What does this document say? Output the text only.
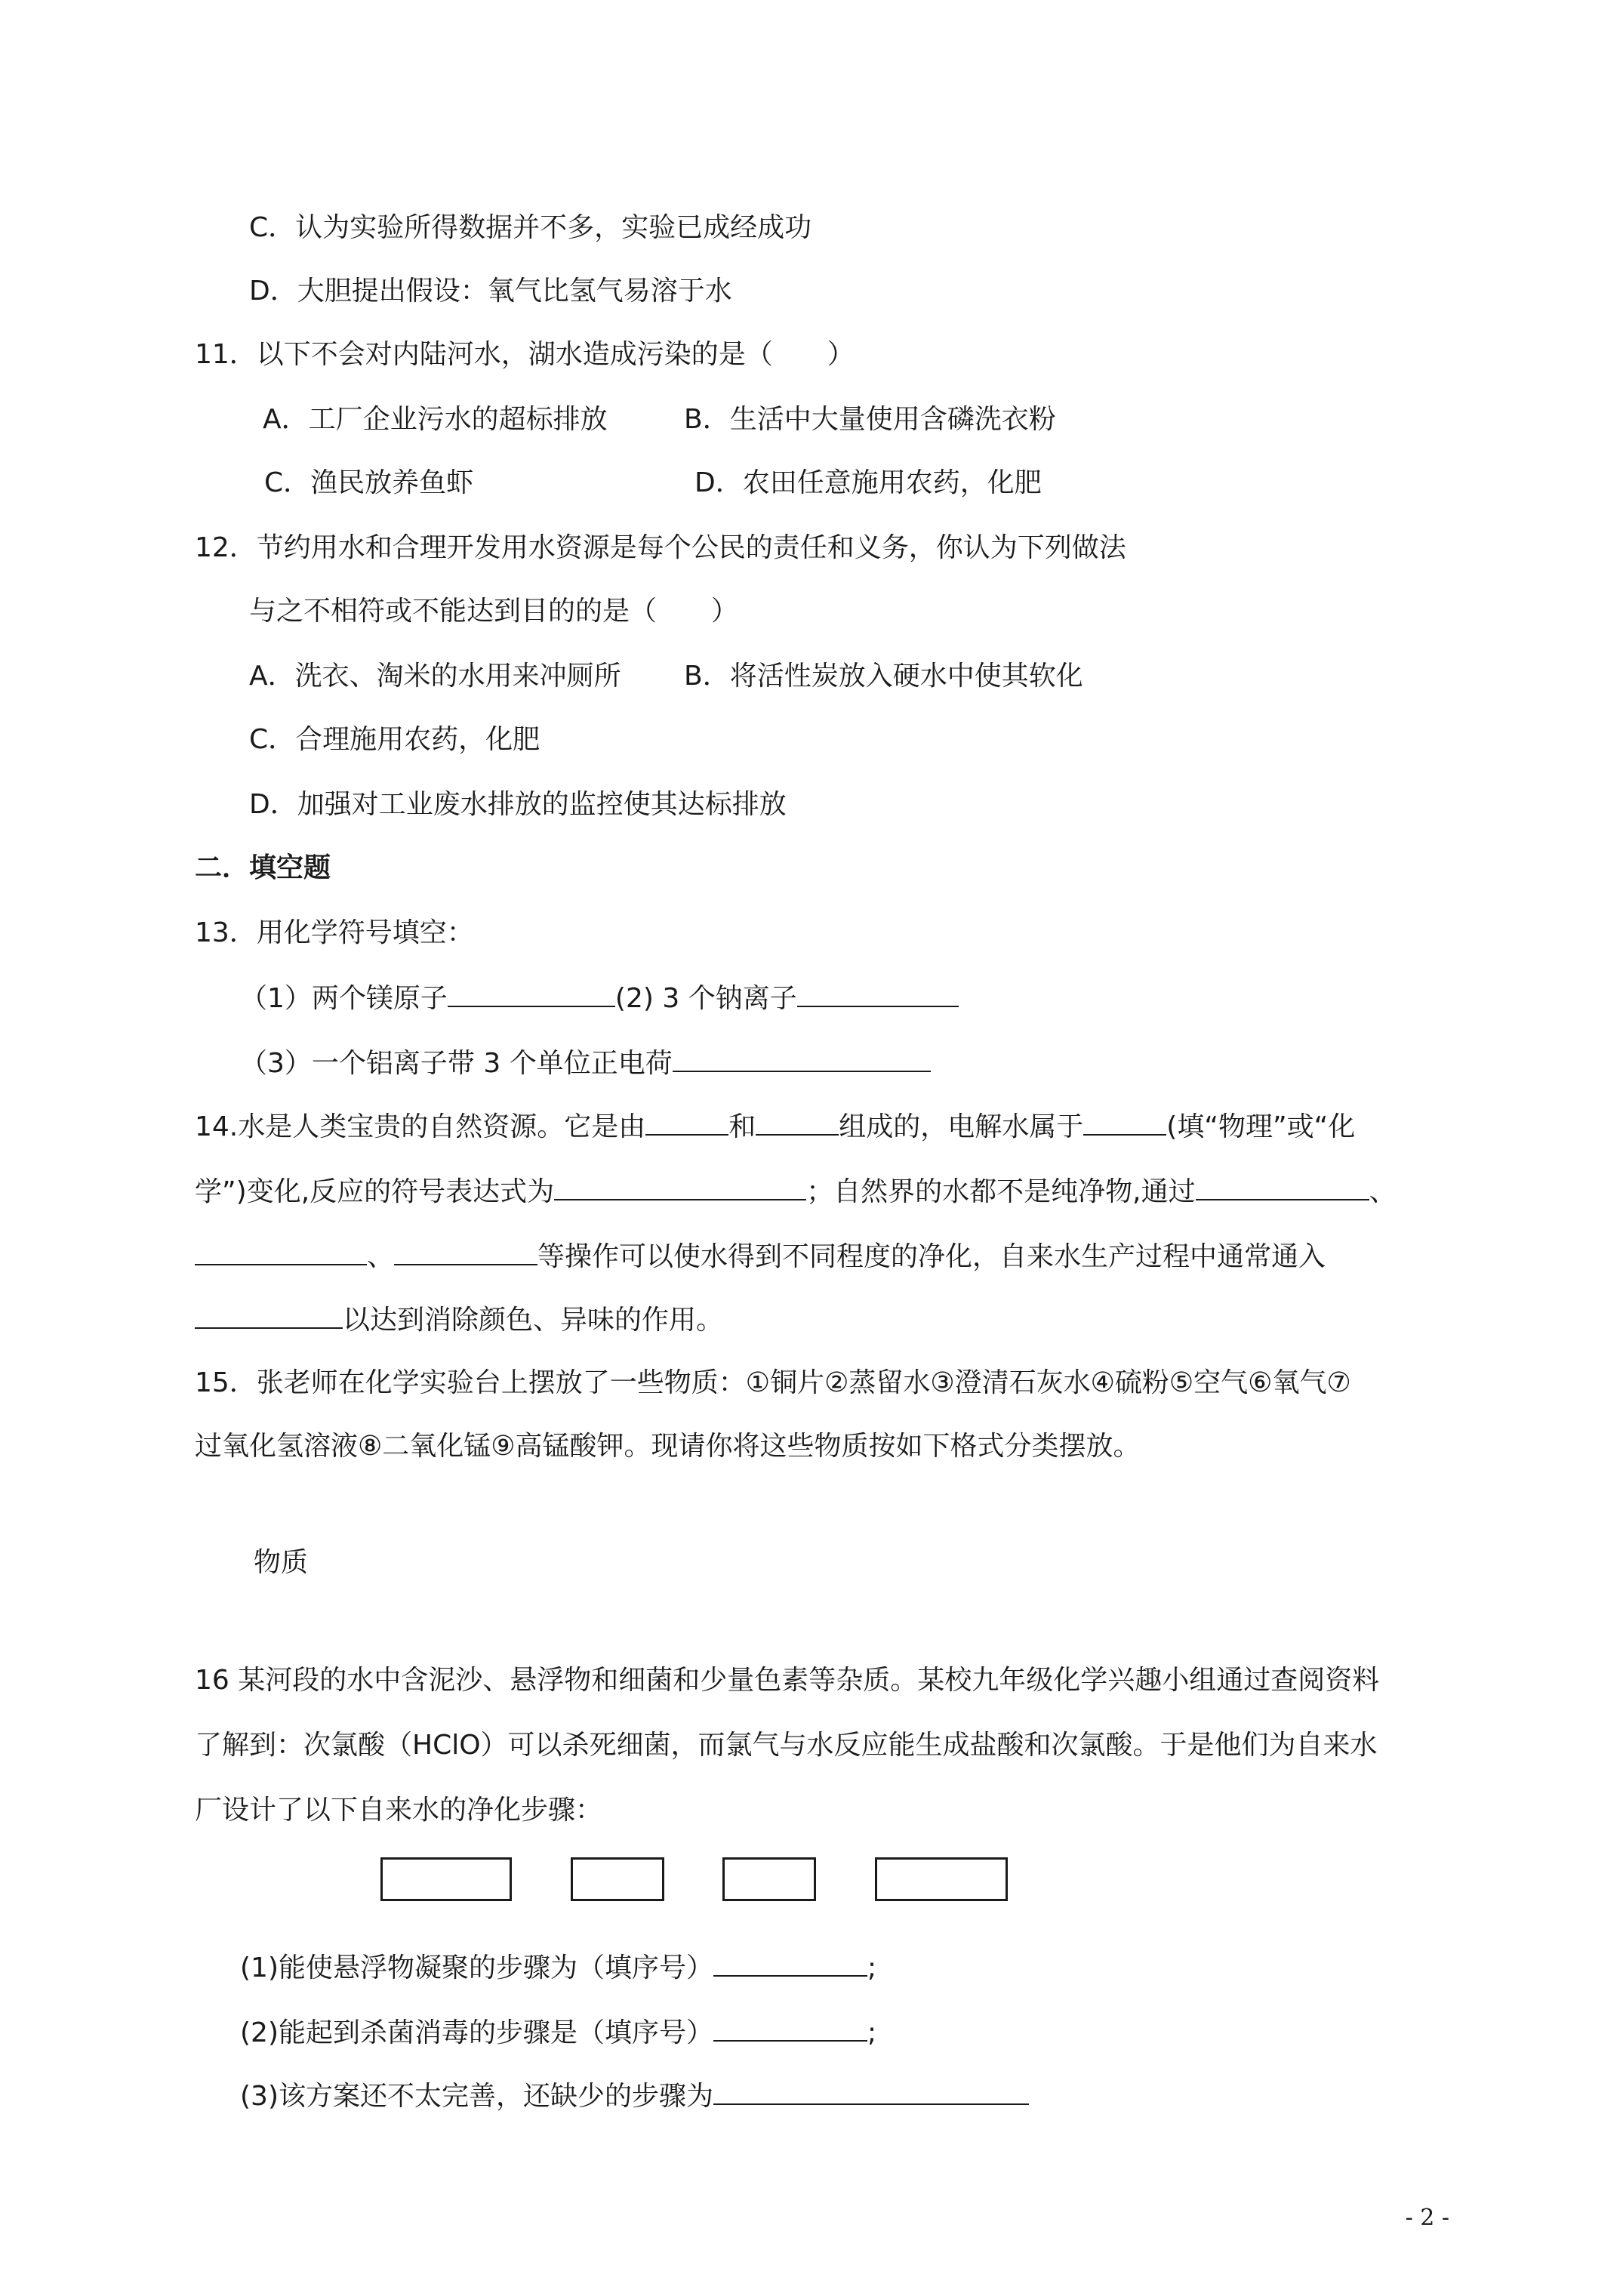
C．认为实验所得数据并不多，实验已成经成功
D．大胆提出假设：氧气比氢气易溶于水
11．以下不会对内陆河水，湖水造成污染的是（　　）
A．工厂企业污水的超标排放	B．生活中大量使用含磷洗衣粉
C．渔民放养鱼虾	D．农田任意施用农药，化肥
12．节约用水和合理开发用水资源是每个公民的责任和义务，你认为下列做法
与之不相符或不能达到目的的是（　　）
A．洗衣、淘米的水用来冲厕所 B．将活性炭放入硬水中使其软化
C．合理施用农药，化肥
D．加强对工业废水排放的监控使其达标排放
二．填空题
13．用化学符号填空：
（1）两个镁原子	(2) 3 个钠离子
（3）一个铝离子带 3 个单位正电荷
14.水是人类宝贵的自然资源。它是由	和	组成的，电解水属于	(填“物理”或“化
学”)变化,反应的符号表达式为	；自然界的水都不是纯净物,通过	、
、	等操作可以使水得到不同程度的净化，自来水生产过程中通常通入
以达到消除颜色、异味的作用。
15．张老师在化学实验台上摆放了一些物质：①铜片②蒸留水③澄清石灰水④硫粉⑤空气⑥氧气⑦
过氧化氢溶液⑧二氧化锰⑨高锰酸钾。现请你将这些物质按如下格式分类摆放。
物质
16 某河段的水中含泥沙、悬浮物和细菌和少量色素等杂质。某校九年级化学兴趣小组通过查阅资料
了解到：次氯酸（HClO）可以杀死细菌，而氯气与水反应能生成盐酸和次氯酸。于是他们为自来水
厂设计了以下自来水的净化步骤：
(1)能使悬浮物凝聚的步骤为（填序号）	;
(2)能起到杀菌消毒的步骤是（填序号）	;
(3)该方案还不太完善，还缺少的步骤为
- 2 -
